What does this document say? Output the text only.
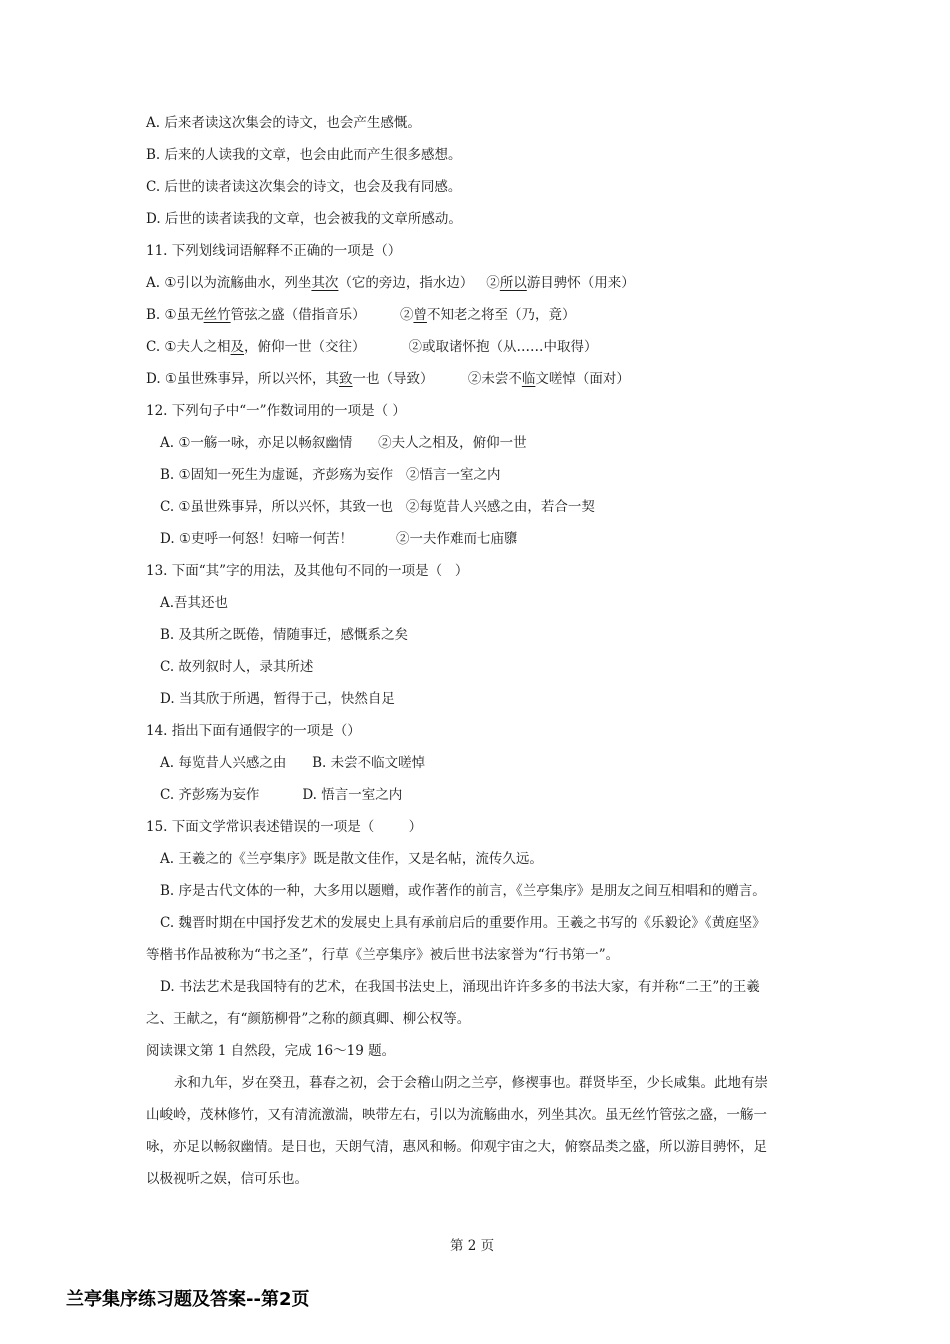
A. 后来者读这次集会的诗文，也会产生感慨。
B. 后来的人读我的文章，也会由此而产生很多感想。
C. 后世的读者读这次集会的诗文，也会及我有同感。
D. 后世的读者读我的文章，也会被我的文章所感动。
11. 下列划线词语解释不正确的一项是（）
A. ①引以为流觞曲水，列坐其次（它的旁边，指水边）   ②所以游目骋怀（用来）
B. ①虽无丝竹管弦之盛（借指音乐）        ②曾不知老之将至（乃，竟）
C. ①夫人之相及，俯仰一世（交往）          ②或取诸怀抱（从……中取得）
D. ①虽世殊事异，所以兴怀，其致一也（导致）        ②未尝不临文嗟悼（面对）
12. 下列句子中“一”作数词用的一项是（ ）
A. ①一觞一咏，亦足以畅叙幽情      ②夫人之相及，俯仰一世
B. ①固知一死生为虚诞，齐彭殇为妄作   ②悟言一室之内
C. ①虽世殊事异，所以兴怀，其致一也   ②每览昔人兴感之由，若合一契
D. ①吏呼一何怒！妇啼一何苦！          ②一夫作难而七庙隳
13. 下面“其”字的用法，及其他句不同的一项是（   ）
A.吾其还也
B. 及其所之既倦，情随事迁，感慨系之矣
C. 故列叙时人，录其所述
D. 当其欣于所遇，暂得于己，快然自足
14. 指出下面有通假字的一项是（）
A. 每览昔人兴感之由      B. 未尝不临文嗟悼
C. 齐彭殇为妄作          D. 悟言一室之内
15. 下面文学常识表述错误的一项是（        ）
A. 王羲之的《兰亭集序》既是散文佳作，又是名帖，流传久远。
B. 序是古代文体的一种，大多用以题赠，或作著作的前言，《兰亭集序》是朋友之间互相唱和的赠言。
C. 魏晋时期在中国抒发艺术的发展史上具有承前启后的重要作用。王羲之书写的《乐毅论》《黄庭坚》
等楷书作品被称为“书之圣”，行草《兰亭集序》被后世书法家誉为“行书第一”。
D. 书法艺术是我国特有的艺术，在我国书法史上，涌现出许许多多的书法大家，有并称“二王”的王羲
之、王献之，有“颜筋柳骨”之称的颜真卿、柳公权等。
阅读课文第 1 自然段，完成 16～19 题。
永和九年，岁在癸丑，暮春之初，会于会稽山阴之兰亭，修禊事也。群贤毕至，少长咸集。此地有崇
山峻岭，茂林修竹，又有清流激湍，映带左右，引以为流觞曲水，列坐其次。虽无丝竹管弦之盛，一觞一
咏，亦足以畅叙幽情。是日也，天朗气清，惠风和畅。仰观宇宙之大，俯察品类之盛，所以游目骋怀，足
以极视听之娱，信可乐也。
第 2 页
兰亭集序练习题及答案--第2页
